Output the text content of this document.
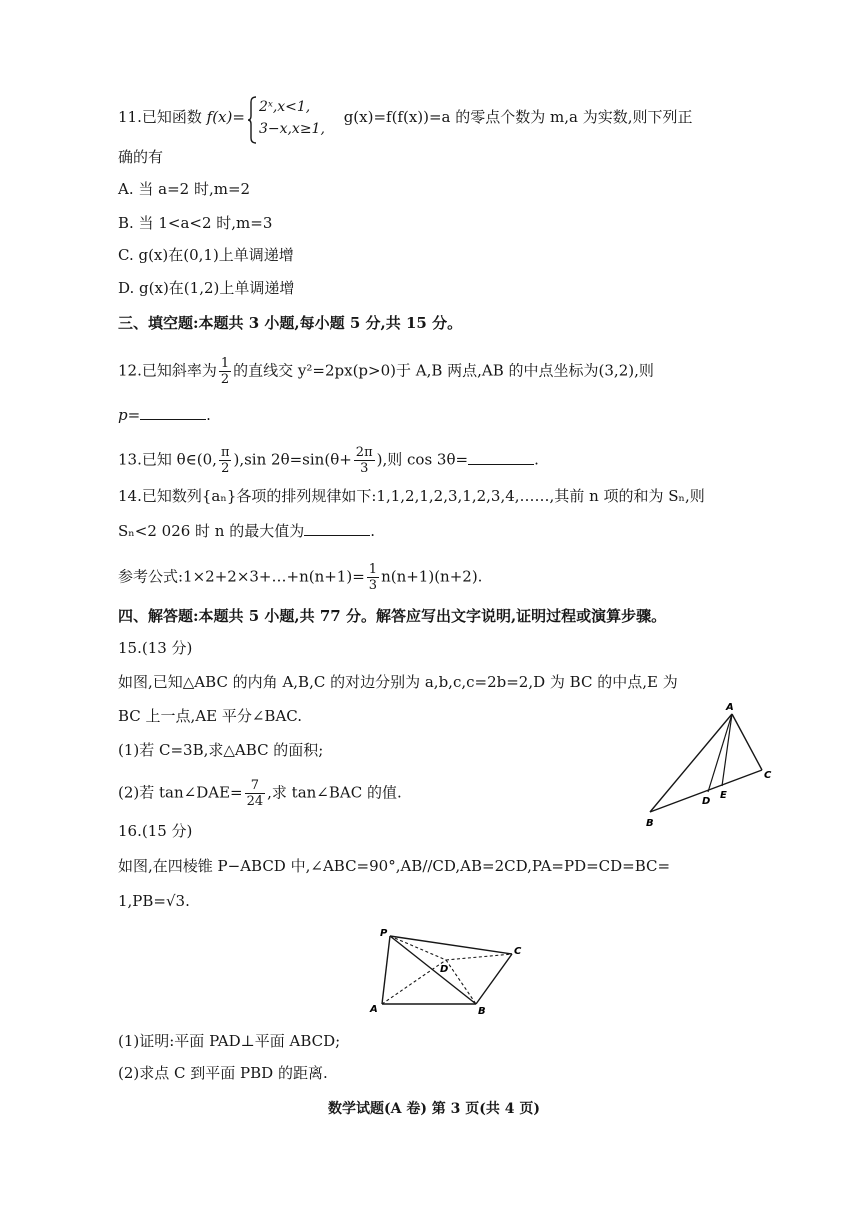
11.已知函数 f(x)=
2ˣ,x<1,
3−x,x≥1,
g(x)=f(f(x))=a 的零点个数为 m,a 为实数,则下列正
确的有
A. 当 a=2 时,m=2
B. 当 1<a<2 时,m=3
C. g(x)在(0,1)上单调递增
D. g(x)在(1,2)上单调递增
三、填空题:本题共 3 小题,每小题 5 分,共 15 分。
12.已知斜率为 $\frac{1}{2}$ 的直线交 y²=2px(p>0)于 A,B 两点,AB 的中点坐标为(3,2),则
p=	.
13.已知 θ∈(0, $\frac{\pi}{2} ),\sin$ $2\theta=\sin(\theta+ \frac{2\pi}{3}$ ),则 cos 3θ=	.
14.已知数列{aₙ}各项的排列规律如下:1,1,2,1,2,3,1,2,3,4,……,其前 n 项的和为 Sₙ,则
Sₙ<2 026 时 n 的最大值为	.
参考公式:1×2+2×3+…+n(n+1)= $\frac{1}{3} n(n+1)(n+2)$.
四、解答题:本题共 5 小题,共 77 分。解答应写出文字说明,证明过程或演算步骤。
15.(13 分)
如图,已知△ABC 的内角 A,B,C 的对边分别为 a,b,c,c=2b=2,D 为 BC 的中点,E 为
BC 上一点,AE 平分∠BAC.
(1)若 C=3B,求△ABC 的面积;
(2)若 tan∠DAE= $\frac{7}{24}$ ,求 tan∠BAC 的值.
A
B
C
D
E
16.(15 分)
如图,在四棱锥 P−ABCD 中,∠ABC=90°,AB//CD,AB=2CD,PA=PD=CD=BC=
1,PB=√3.
P
A	B
C
D
(1)证明:平面 PAD⊥平面 ABCD;
(2)求点 C 到平面 PBD 的距离.
数学试题(A 卷) 第 3 页(共 4 页)
